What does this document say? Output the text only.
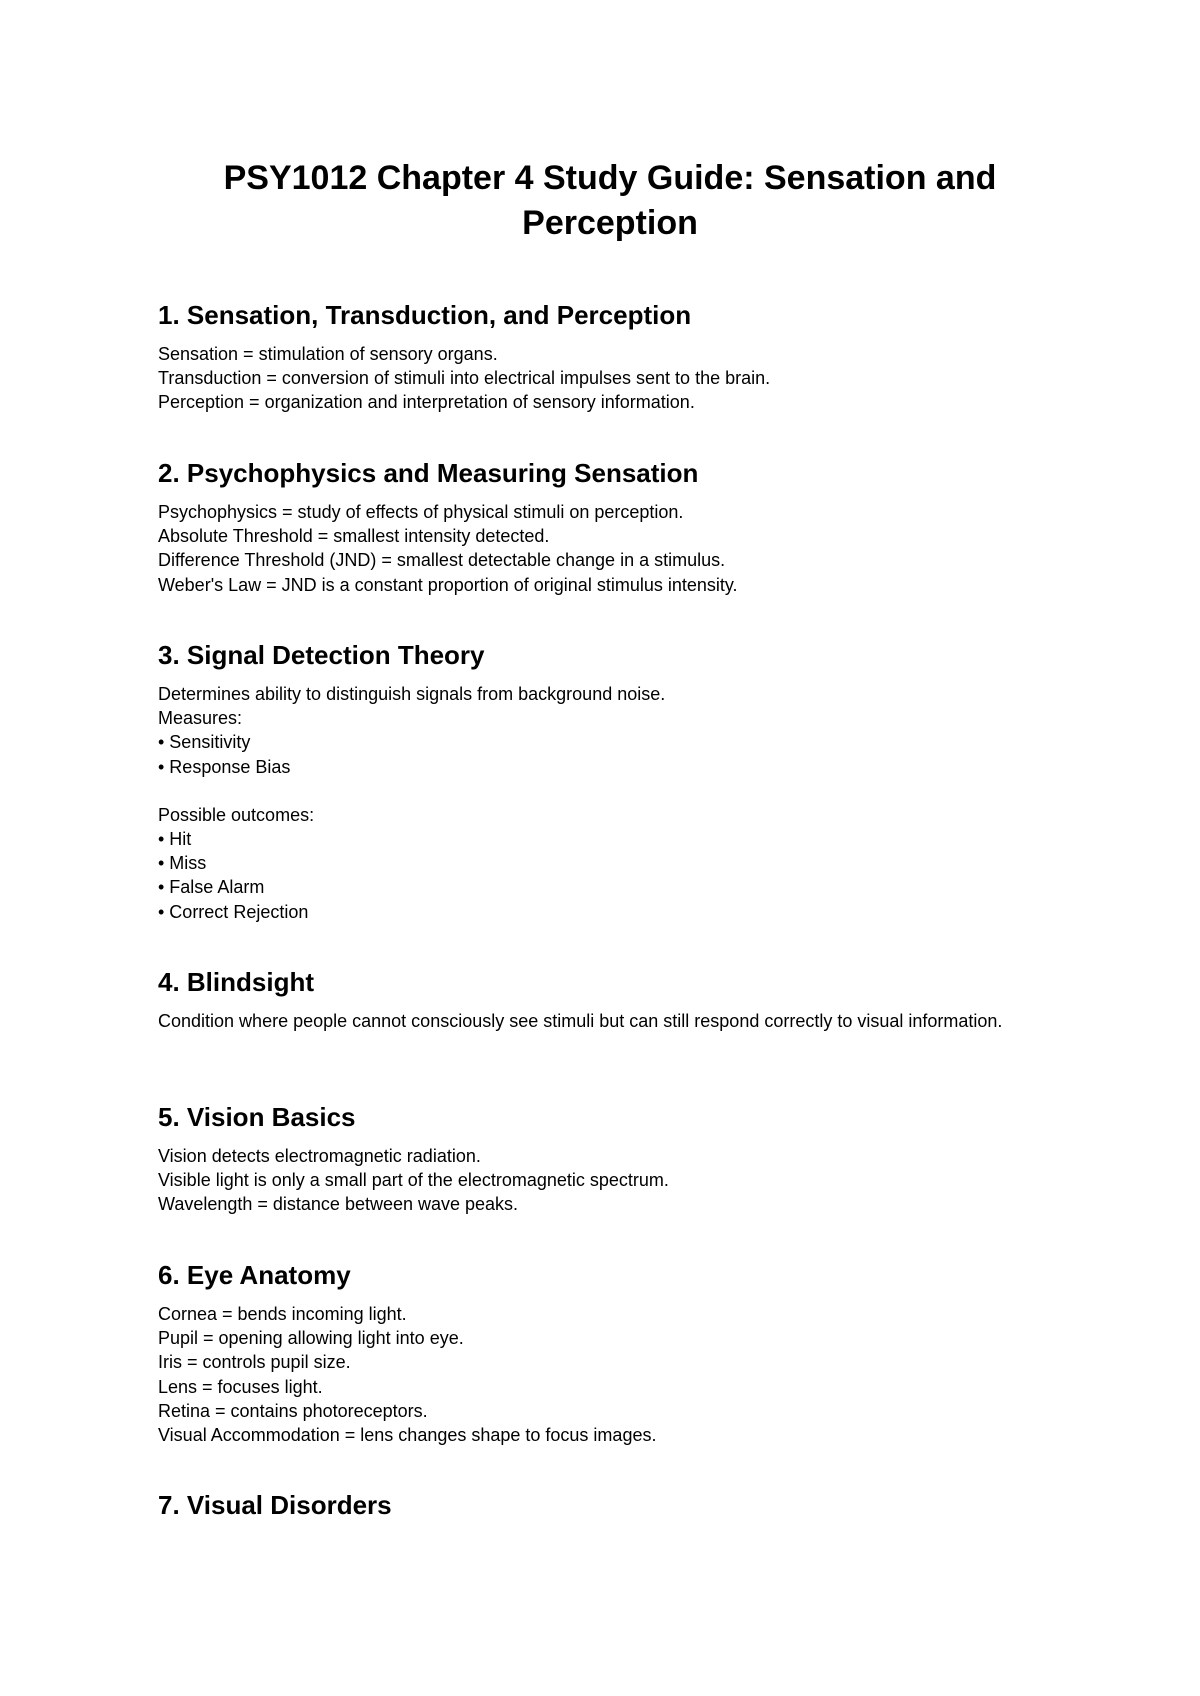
PSY1012 Chapter 4 Study Guide: Sensation and Perception
1. Sensation, Transduction, and Perception
Sensation = stimulation of sensory organs.
Transduction = conversion of stimuli into electrical impulses sent to the brain.
Perception = organization and interpretation of sensory information.
2. Psychophysics and Measuring Sensation
Psychophysics = study of effects of physical stimuli on perception.
Absolute Threshold = smallest intensity detected.
Difference Threshold (JND) = smallest detectable change in a stimulus.
Weber's Law = JND is a constant proportion of original stimulus intensity.
3. Signal Detection Theory
Determines ability to distinguish signals from background noise.
Measures:
• Sensitivity
• Response Bias
Possible outcomes:
• Hit
• Miss
• False Alarm
• Correct Rejection
4. Blindsight
Condition where people cannot consciously see stimuli but can still respond correctly to visual information.
5. Vision Basics
Vision detects electromagnetic radiation.
Visible light is only a small part of the electromagnetic spectrum.
Wavelength = distance between wave peaks.
6. Eye Anatomy
Cornea = bends incoming light.
Pupil = opening allowing light into eye.
Iris = controls pupil size.
Lens = focuses light.
Retina = contains photoreceptors.
Visual Accommodation = lens changes shape to focus images.
7. Visual Disorders
